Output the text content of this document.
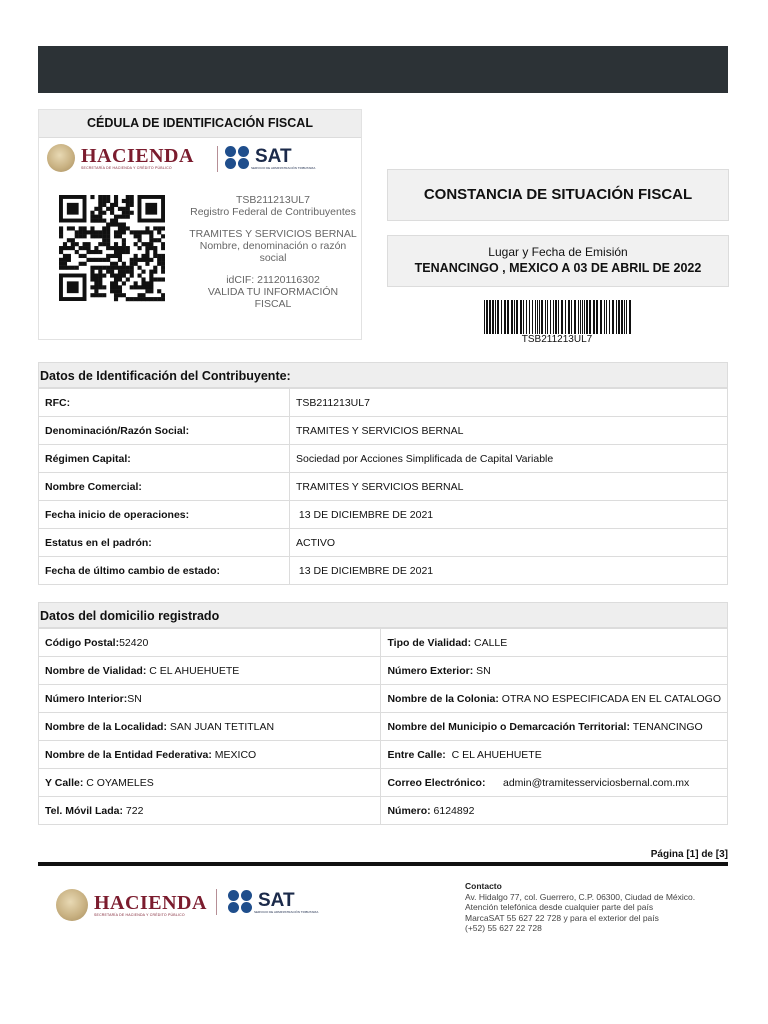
CÉDULA DE IDENTIFICACIÓN FISCAL
HACIENDA
SECRETARÍA DE HACIENDA Y CRÉDITO PÚBLICO
SAT
SERVICIO DE ADMINISTRACIÓN TRIBUTARIA
TSB211213UL7
Registro Federal de Contribuyentes
TRAMITES Y SERVICIOS BERNAL
Nombre, denominación o razón social
idCIF: 21120116302
VALIDA TU INFORMACIÓN FISCAL
CONSTANCIA DE SITUACIÓN FISCAL
Lugar y Fecha de Emisión
TENANCINGO , MEXICO A 03 DE ABRIL DE 2022
TSB211213UL7
Datos de Identificación del Contribuyente:
RFC:	TSB211213UL7
Denominación/Razón Social:	TRAMITES Y SERVICIOS BERNAL
Régimen Capital:	Sociedad por Acciones Simplificada de Capital Variable
Nombre Comercial:	TRAMITES Y SERVICIOS BERNAL
Fecha inicio de operaciones:	13 DE DICIEMBRE DE 2021
Estatus en el padrón:	ACTIVO
Fecha de último cambio de estado:	13 DE DICIEMBRE DE 2021
Datos del domicilio registrado
Código Postal:52420	Tipo de Vialidad: CALLE
Nombre de Vialidad: C EL AHUEHUETE	Número Exterior: SN
Número Interior:SN	Nombre de la Colonia: OTRA NO ESPECIFICADA EN EL CATALOGO
Nombre de la Localidad: SAN JUAN TETITLAN	Nombre del Municipio o Demarcación Territorial: TENANCINGO
Nombre de la Entidad Federativa: MEXICO	Entre Calle:  C EL AHUEHUETE
Y Calle: C OYAMELES	Correo Electrónico:      admin@tramitesserviciosbernal.com.mx
Tel. Móvil Lada: 722	Número: 6124892
Página [1] de [3]
HACIENDA
SECRETARÍA DE HACIENDA Y CRÉDITO PÚBLICO
SAT
SERVICIO DE ADMINISTRACIÓN TRIBUTARIA
Contacto
Av. Hidalgo 77, col. Guerrero, C.P. 06300, Ciudad de México.
Atención telefónica desde cualquier parte del país
MarcaSAT 55 627 22 728 y para el exterior del país
(+52) 55 627 22 728
